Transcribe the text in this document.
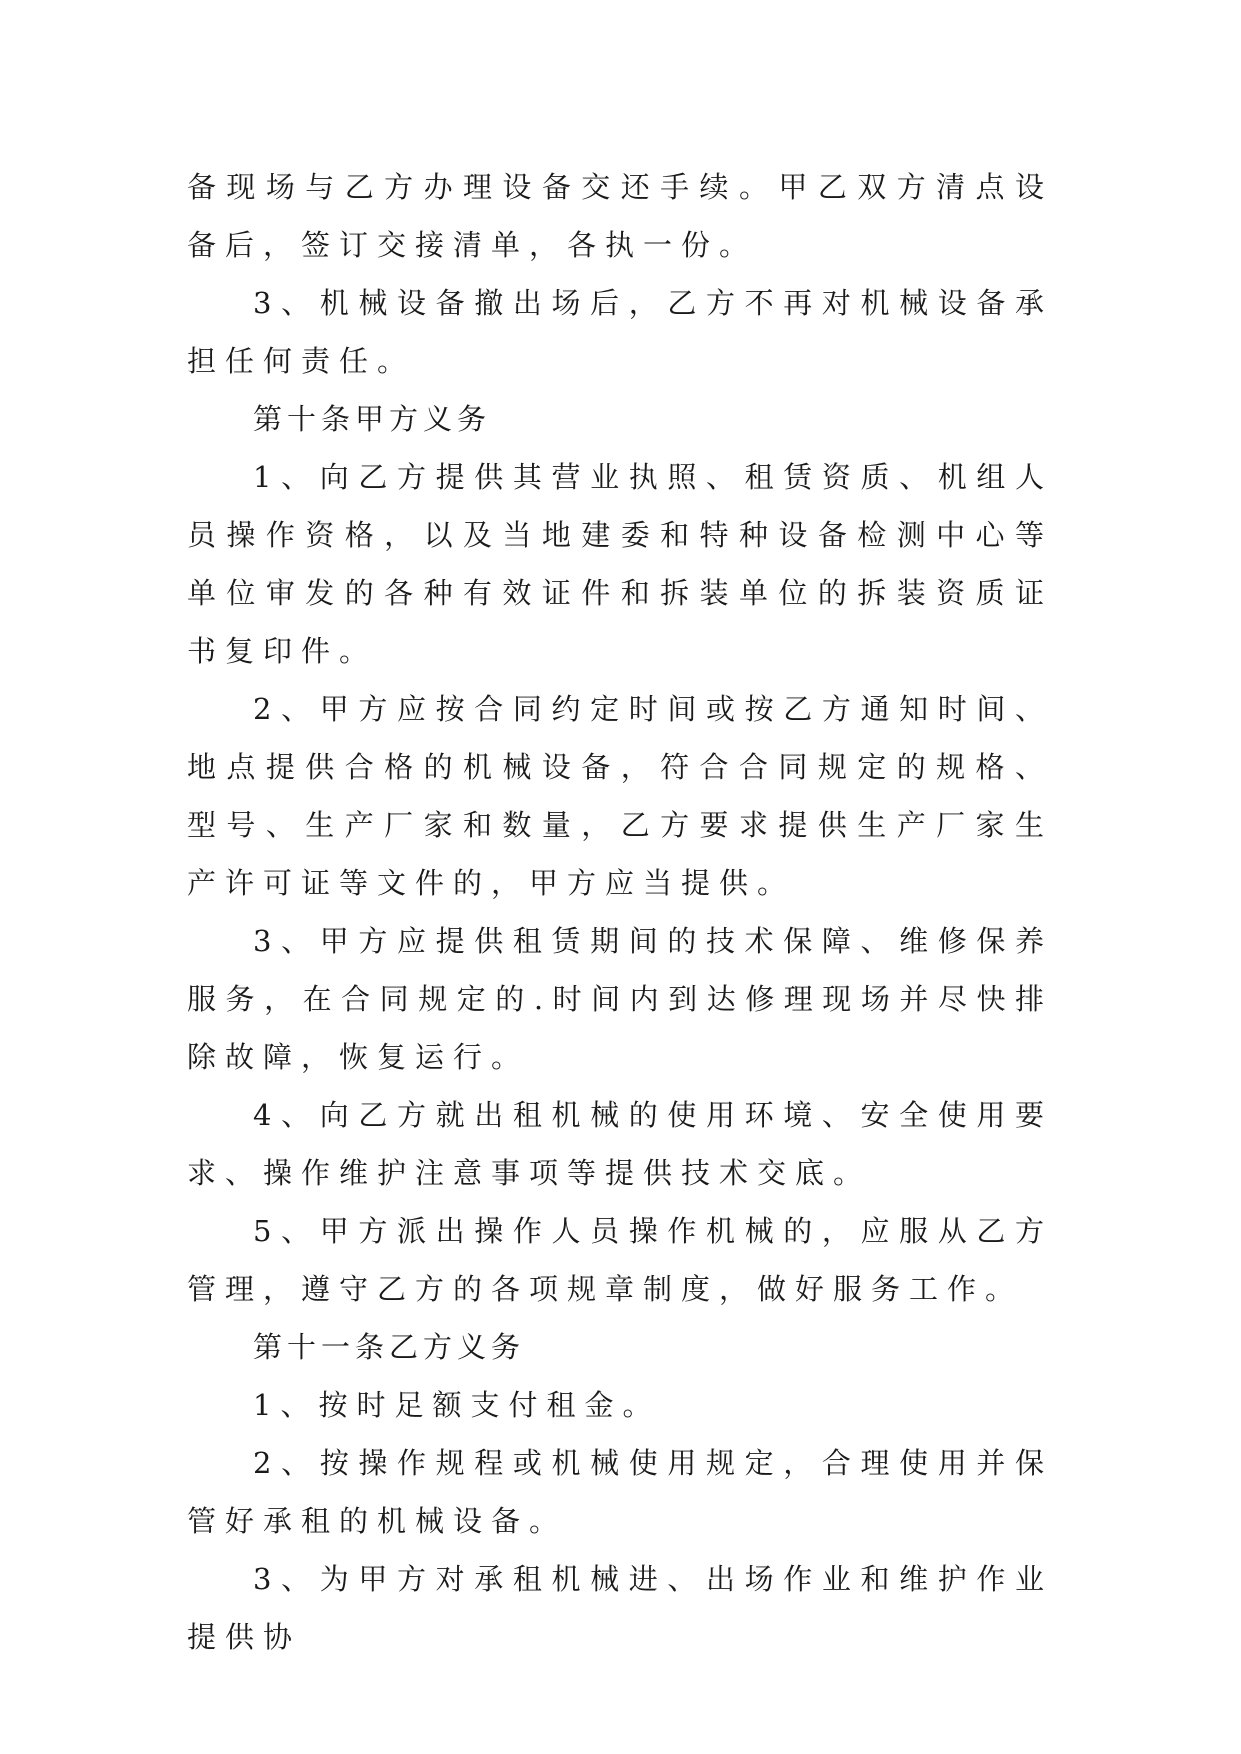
备现场与乙方办理设备交还手续。甲乙双方清点设备后，签订交接清单，各执一份。

3、机械设备撤出场后，乙方不再对机械设备承担任何责任。

第十条甲方义务

1、向乙方提供其营业执照、租赁资质、机组人员操作资格，以及当地建委和特种设备检测中心等单位审发的各种有效证件和拆装单位的拆装资质证书复印件。

2、甲方应按合同约定时间或按乙方通知时间、地点提供合格的机械设备，符合合同规定的规格、型号、生产厂家和数量，乙方要求提供生产厂家生产许可证等文件的，甲方应当提供。

3、甲方应提供租赁期间的技术保障、维修保养服务，在合同规定的.时间内到达修理现场并尽快排除故障，恢复运行。

4、向乙方就出租机械的使用环境、安全使用要求、操作维护注意事项等提供技术交底。

5、甲方派出操作人员操作机械的，应服从乙方管理，遵守乙方的各项规章制度，做好服务工作。

第十一条乙方义务

1、按时足额支付租金。

2、按操作规程或机械使用规定，合理使用并保管好承租的机械设备。

3、为甲方对承租机械进、出场作业和维护作业提供协
